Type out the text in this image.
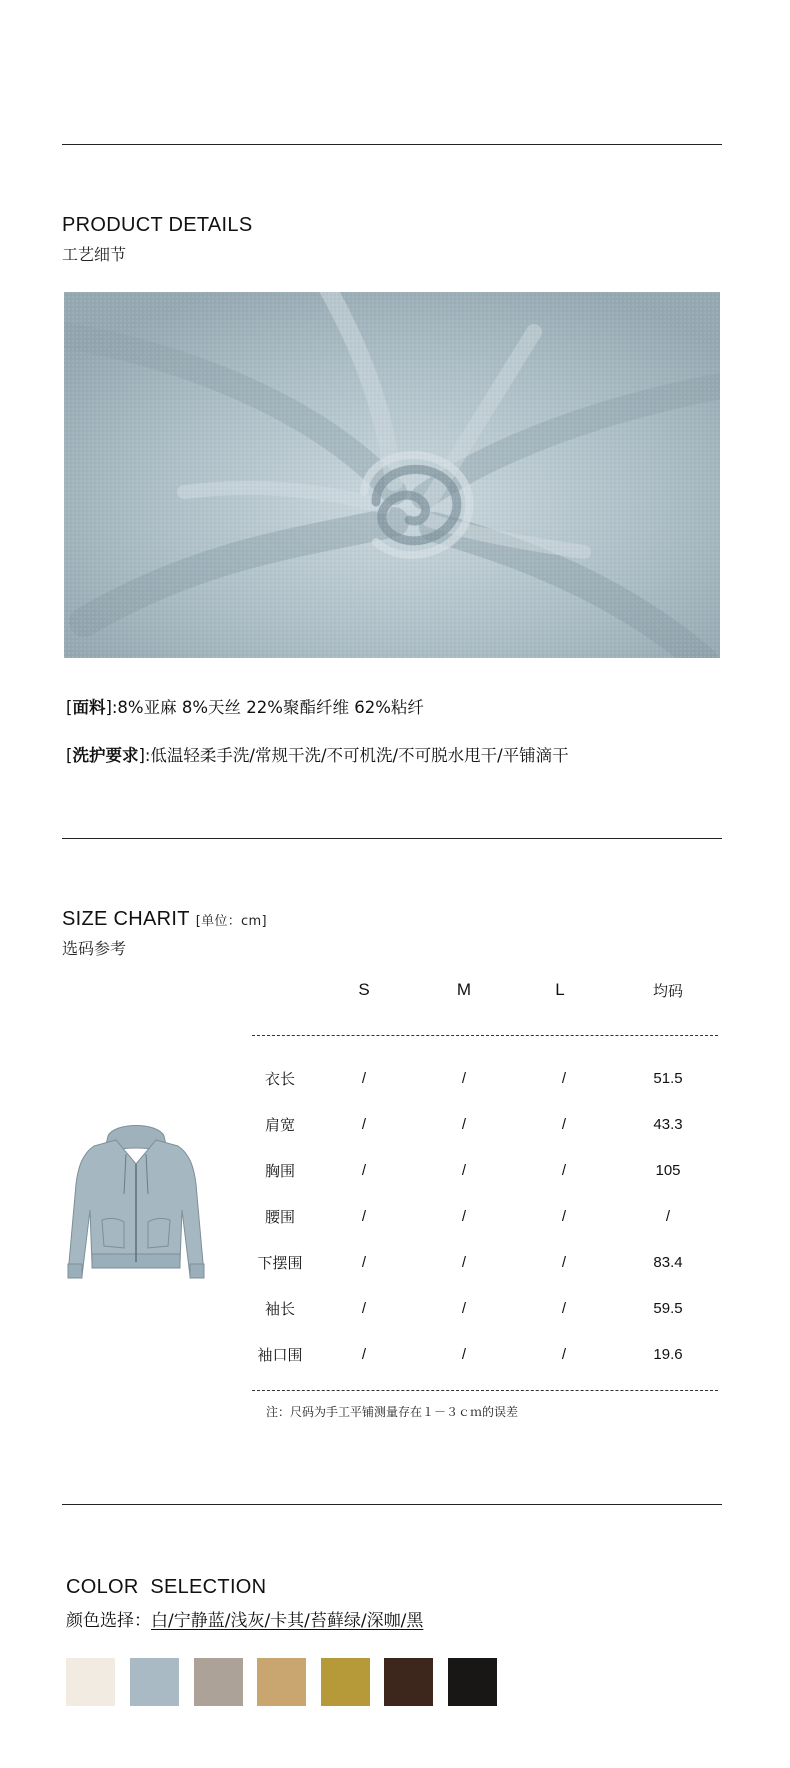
PRODUCT DETAILS
工艺细节
[面料]:8%亚麻 8%天丝 22%聚酯纤维 62%粘纤
[洗护要求]:低温轻柔手洗/常规干洗/不可机洗/不可脱水甩干/平铺滴干
SIZE CHARIT [单位：cm]
选码参考
S	M	L	均码
衣长	/	/	/	51.5
肩宽	/	/	/	43.3
胸围	/	/	/	105
腰围	/	/	/	/
下摆围	/	/	/	83.4
袖长	/	/	/	59.5
袖口围	/	/	/	19.6
注：尺码为手工平铺测量存在１－３ｃｍ的误差
COLOR  SELECTION
颜色选择：白/宁静蓝/浅灰/卡其/苔藓绿/深咖/黑
